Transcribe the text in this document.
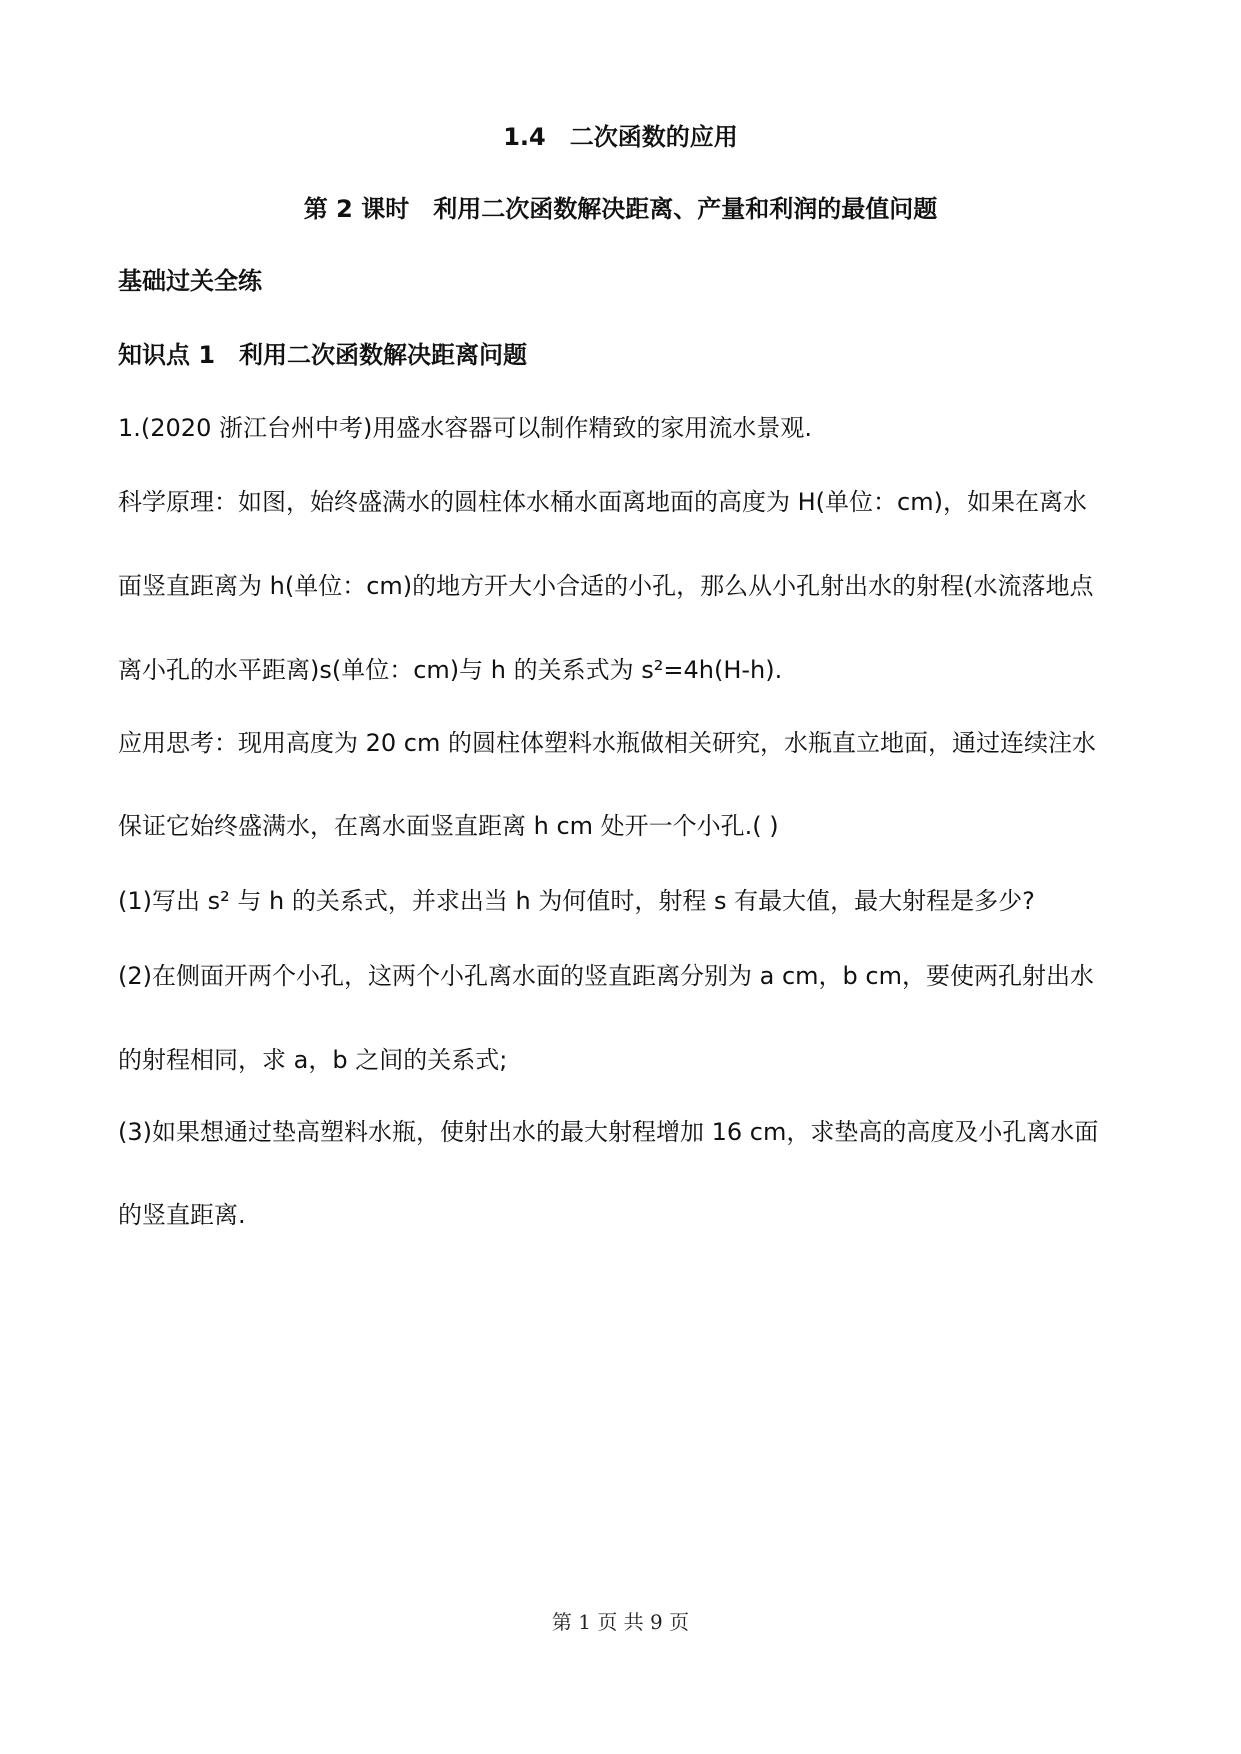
1.4　二次函数的应用
第 2 课时　利用二次函数解决距离、产量和利润的最值问题
基础过关全练
知识点 1　利用二次函数解决距离问题
1.(2020 浙江台州中考)用盛水容器可以制作精致的家用流水景观.
科学原理：如图，始终盛满水的圆柱体水桶水面离地面的高度为 H(单位：cm)，如果在离水
面竖直距离为 h(单位：cm)的地方开大小合适的小孔，那么从小孔射出水的射程(水流落地点
离小孔的水平距离)s(单位：cm)与 h 的关系式为 s²=4h(H-h).
应用思考：现用高度为 20 cm 的圆柱体塑料水瓶做相关研究，水瓶直立地面，通过连续注水
保证它始终盛满水，在离水面竖直距离 h cm 处开一个小孔.( )
(1)写出 s² 与 h 的关系式，并求出当 h 为何值时，射程 s 有最大值，最大射程是多少?
(2)在侧面开两个小孔，这两个小孔离水面的竖直距离分别为 a cm，b cm，要使两孔射出水
的射程相同，求 a，b 之间的关系式;
(3)如果想通过垫高塑料水瓶，使射出水的最大射程增加 16 cm，求垫高的高度及小孔离水面
的竖直距离.
第 1 页 共 9 页
